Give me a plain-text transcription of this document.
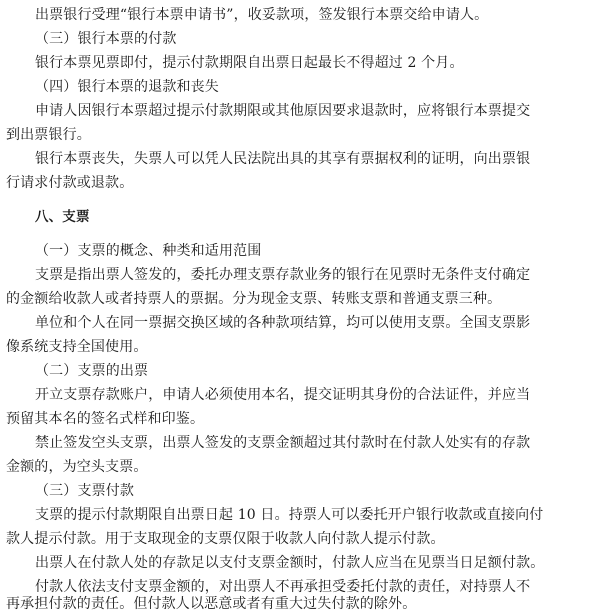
出票银行受理“银行本票申请书”，收妥款项，签发银行本票交给申请人。
（三）银行本票的付款
银行本票见票即付，提示付款期限自出票日起最长不得超过 2 个月。
（四）银行本票的退款和丧失
申请人因银行本票超过提示付款期限或其他原因要求退款时，应将银行本票提交
到出票银行。
银行本票丧失，失票人可以凭人民法院出具的其享有票据权利的证明，向出票银
行请求付款或退款。
八、支票
（一）支票的概念、种类和适用范围
支票是指出票人签发的，委托办理支票存款业务的银行在见票时无条件支付确定
的金额给收款人或者持票人的票据。分为现金支票、转账支票和普通支票三种。
单位和个人在同一票据交换区域的各种款项结算，均可以使用支票。全国支票影
像系统支持全国使用。
（二）支票的出票
开立支票存款账户，申请人必须使用本名，提交证明其身份的合法证件，并应当
预留其本名的签名式样和印鉴。
禁止签发空头支票，出票人签发的支票金额超过其付款时在付款人处实有的存款
金额的，为空头支票。
（三）支票付款
支票的提示付款期限自出票日起 10 日。持票人可以委托开户银行收款或直接向付
款人提示付款。用于支取现金的支票仅限于收款人向付款人提示付款。
出票人在付款人处的存款足以支付支票金额时，付款人应当在见票当日足额付款。
付款人依法支付支票金额的，对出票人不再承担受委托付款的责任，对持票人不
再承担付款的责任。但付款人以恶意或者有重大过失付款的除外。
